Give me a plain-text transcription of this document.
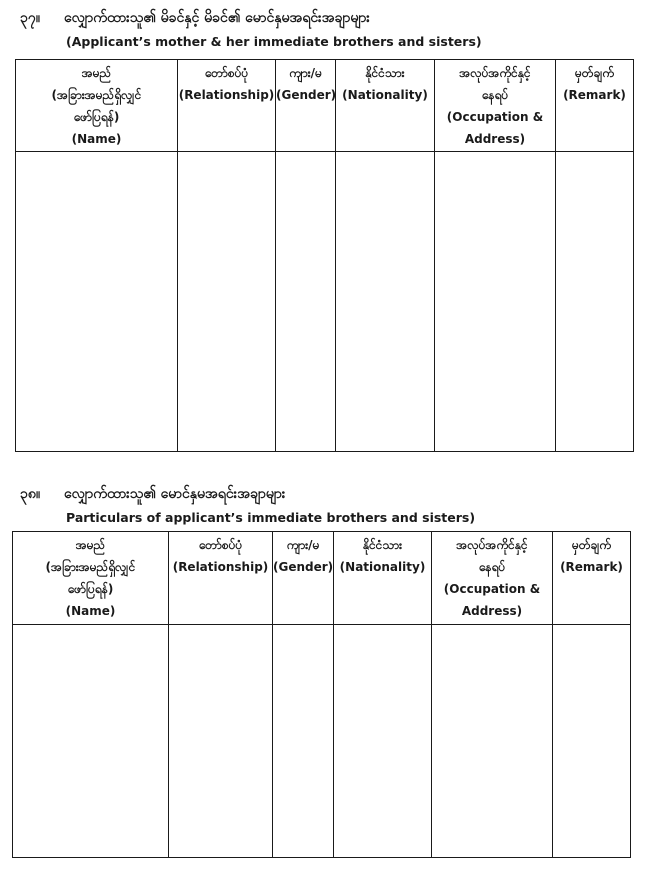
၃၇။ လျှောက်ထားသူ၏ မိခင်နှင့် မိခင်၏ မောင်နှမအရင်းအချာများ
(Applicant’s mother & her immediate brothers and sisters)
အမည်
(အခြားအမည်ရှိလျှင်
ဖော်ပြရန်)
(Name)	တော်စပ်ပုံ
(Relationship)	ကျား/မ
(Gender)	နိုင်ငံသား
(Nationality)	အလုပ်အကိုင်နှင့်
နေရပ်
(Occupation &
Address)	မှတ်ချက်
(Remark)

၃၈။ လျှောက်ထားသူ၏ မောင်နှမအရင်းအချာများ
Particulars of applicant’s immediate brothers and sisters)
အမည်
(အခြားအမည်ရှိလျှင်
ဖော်ပြရန်)
(Name)	တော်စပ်ပုံ
(Relationship)	ကျား/မ
(Gender)	နိုင်ငံသား
(Nationality)	အလုပ်အကိုင်နှင့်
နေရပ်
(Occupation &
Address)	မှတ်ချက်
(Remark)
